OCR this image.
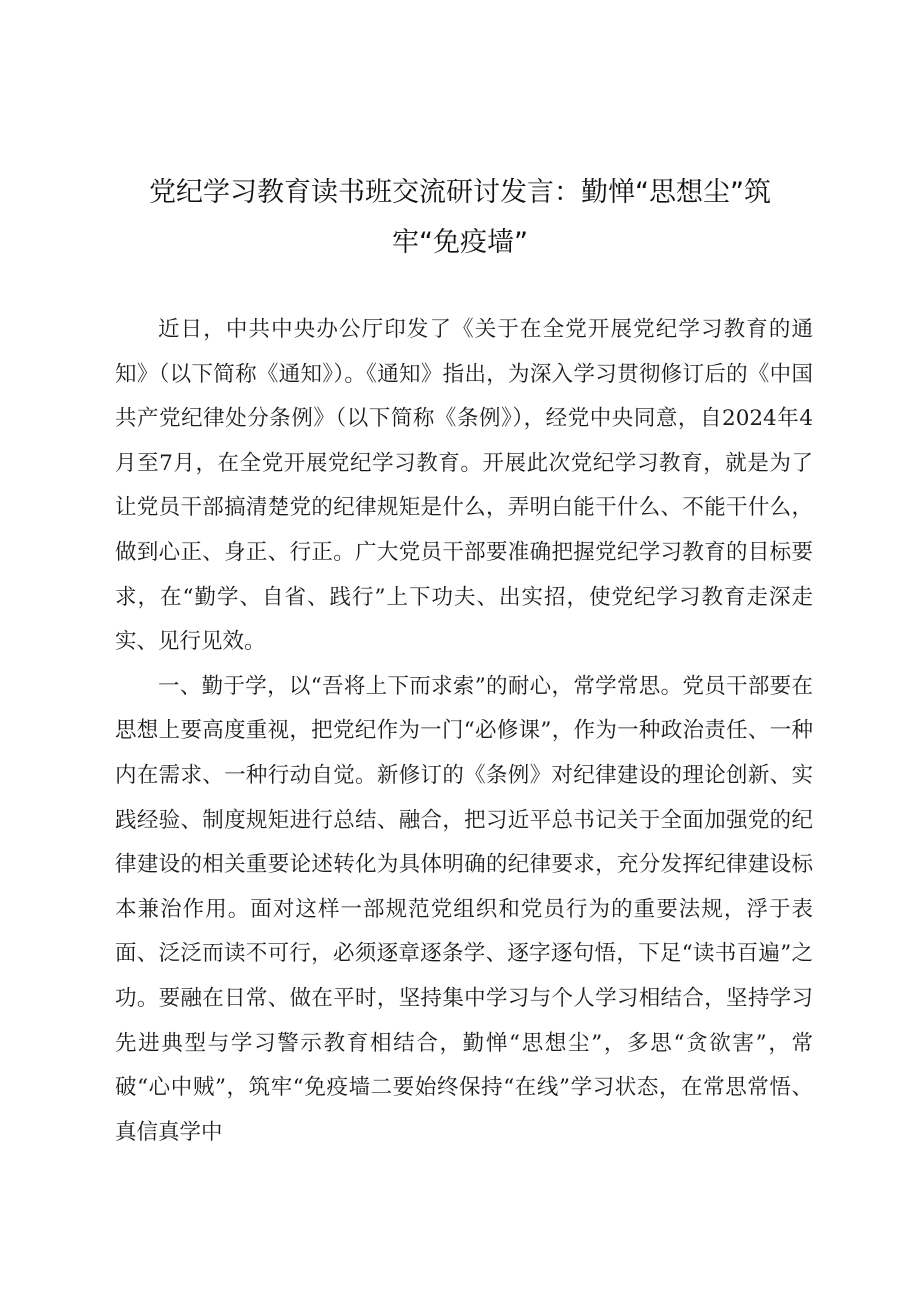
党纪学习教育读书班交流研讨发言：勤惮“思想尘”筑
牢“免疫墙”

近日，中共中央办公厅印发了《关于在全党开展党纪学习教育的通知》（以下简称《通知》）。《通知》指出，为深入学习贯彻修订后的《中国共产党纪律处分条例》（以下简称《条例》），经党中央同意，自2024年4月至7月，在全党开展党纪学习教育。开展此次党纪学习教育，就是为了让党员干部搞清楚党的纪律规矩是什么，弄明白能干什么、不能干什么，做到心正、身正、行正。广大党员干部要准确把握党纪学习教育的目标要求，在“勤学、自省、践行”上下功夫、出实招，使党纪学习教育走深走实、见行见效。

一、勤于学，以“吾将上下而求索”的耐心，常学常思。党员干部要在思想上要高度重视，把党纪作为一门“必修课”，作为一种政治责任、一种内在需求、一种行动自觉。新修订的《条例》对纪律建设的理论创新、实践经验、制度规矩进行总结、融合，把习近平总书记关于全面加强党的纪律建设的相关重要论述转化为具体明确的纪律要求，充分发挥纪律建设标本兼治作用。面对这样一部规范党组织和党员行为的重要法规，浮于表面、泛泛而读不可行，必须逐章逐条学、逐字逐句悟，下足“读书百遍”之功。要融在日常、做在平时，坚持集中学习与个人学习相结合，坚持学习先进典型与学习警示教育相结合，勤惮“思想尘”，多思“贪欲害”，常破“心中贼”，筑牢“免疫墙二要始终保持“在线”学习状态，在常思常悟、真信真学中
